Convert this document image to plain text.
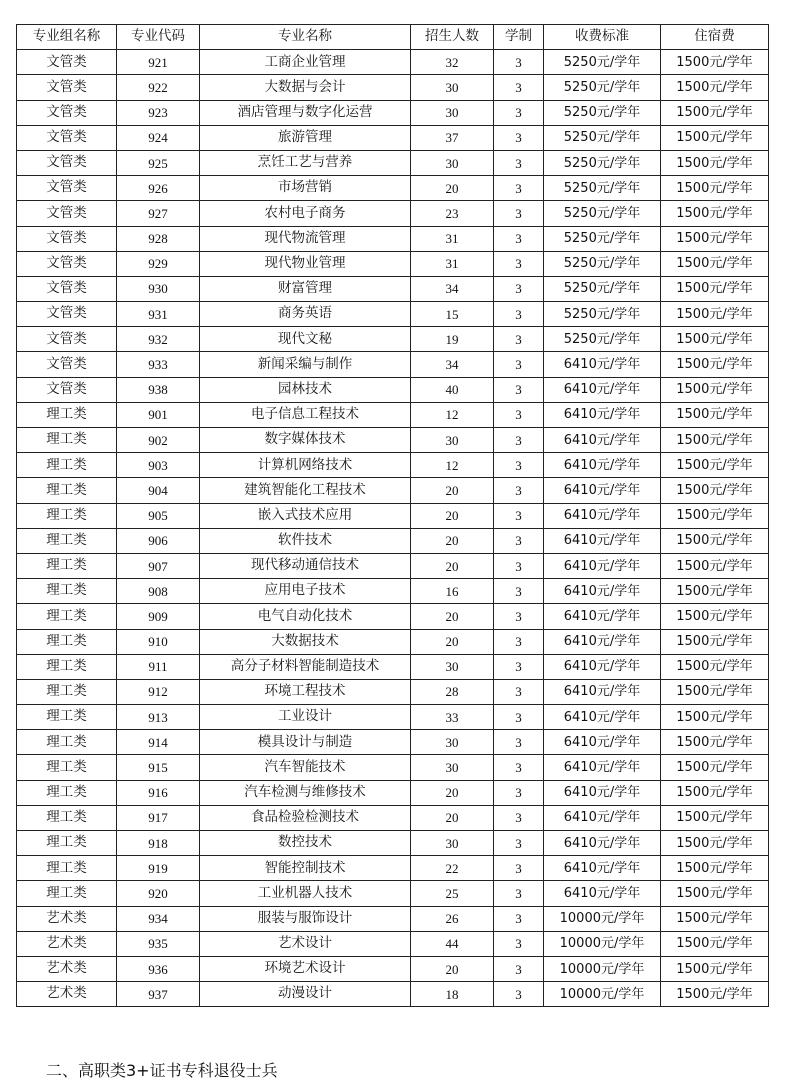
专业组名称	专业代码	专业名称	招生人数	学制	收费标准	住宿费
文管类	921	工商企业管理	32	3	5250元/学年	1500元/学年
文管类	922	大数据与会计	30	3	5250元/学年	1500元/学年
文管类	923	酒店管理与数字化运营	30	3	5250元/学年	1500元/学年
文管类	924	旅游管理	37	3	5250元/学年	1500元/学年
文管类	925	烹饪工艺与营养	30	3	5250元/学年	1500元/学年
文管类	926	市场营销	20	3	5250元/学年	1500元/学年
文管类	927	农村电子商务	23	3	5250元/学年	1500元/学年
文管类	928	现代物流管理	31	3	5250元/学年	1500元/学年
文管类	929	现代物业管理	31	3	5250元/学年	1500元/学年
文管类	930	财富管理	34	3	5250元/学年	1500元/学年
文管类	931	商务英语	15	3	5250元/学年	1500元/学年
文管类	932	现代文秘	19	3	5250元/学年	1500元/学年
文管类	933	新闻采编与制作	34	3	6410元/学年	1500元/学年
文管类	938	园林技术	40	3	6410元/学年	1500元/学年
理工类	901	电子信息工程技术	12	3	6410元/学年	1500元/学年
理工类	902	数字媒体技术	30	3	6410元/学年	1500元/学年
理工类	903	计算机网络技术	12	3	6410元/学年	1500元/学年
理工类	904	建筑智能化工程技术	20	3	6410元/学年	1500元/学年
理工类	905	嵌入式技术应用	20	3	6410元/学年	1500元/学年
理工类	906	软件技术	20	3	6410元/学年	1500元/学年
理工类	907	现代移动通信技术	20	3	6410元/学年	1500元/学年
理工类	908	应用电子技术	16	3	6410元/学年	1500元/学年
理工类	909	电气自动化技术	20	3	6410元/学年	1500元/学年
理工类	910	大数据技术	20	3	6410元/学年	1500元/学年
理工类	911	高分子材料智能制造技术	30	3	6410元/学年	1500元/学年
理工类	912	环境工程技术	28	3	6410元/学年	1500元/学年
理工类	913	工业设计	33	3	6410元/学年	1500元/学年
理工类	914	模具设计与制造	30	3	6410元/学年	1500元/学年
理工类	915	汽车智能技术	30	3	6410元/学年	1500元/学年
理工类	916	汽车检测与维修技术	20	3	6410元/学年	1500元/学年
理工类	917	食品检验检测技术	20	3	6410元/学年	1500元/学年
理工类	918	数控技术	30	3	6410元/学年	1500元/学年
理工类	919	智能控制技术	22	3	6410元/学年	1500元/学年
理工类	920	工业机器人技术	25	3	6410元/学年	1500元/学年
艺术类	934	服装与服饰设计	26	3	10000元/学年	1500元/学年
艺术类	935	艺术设计	44	3	10000元/学年	1500元/学年
艺术类	936	环境艺术设计	20	3	10000元/学年	1500元/学年
艺术类	937	动漫设计	18	3	10000元/学年	1500元/学年
二、高职类3+证书专科退役士兵
